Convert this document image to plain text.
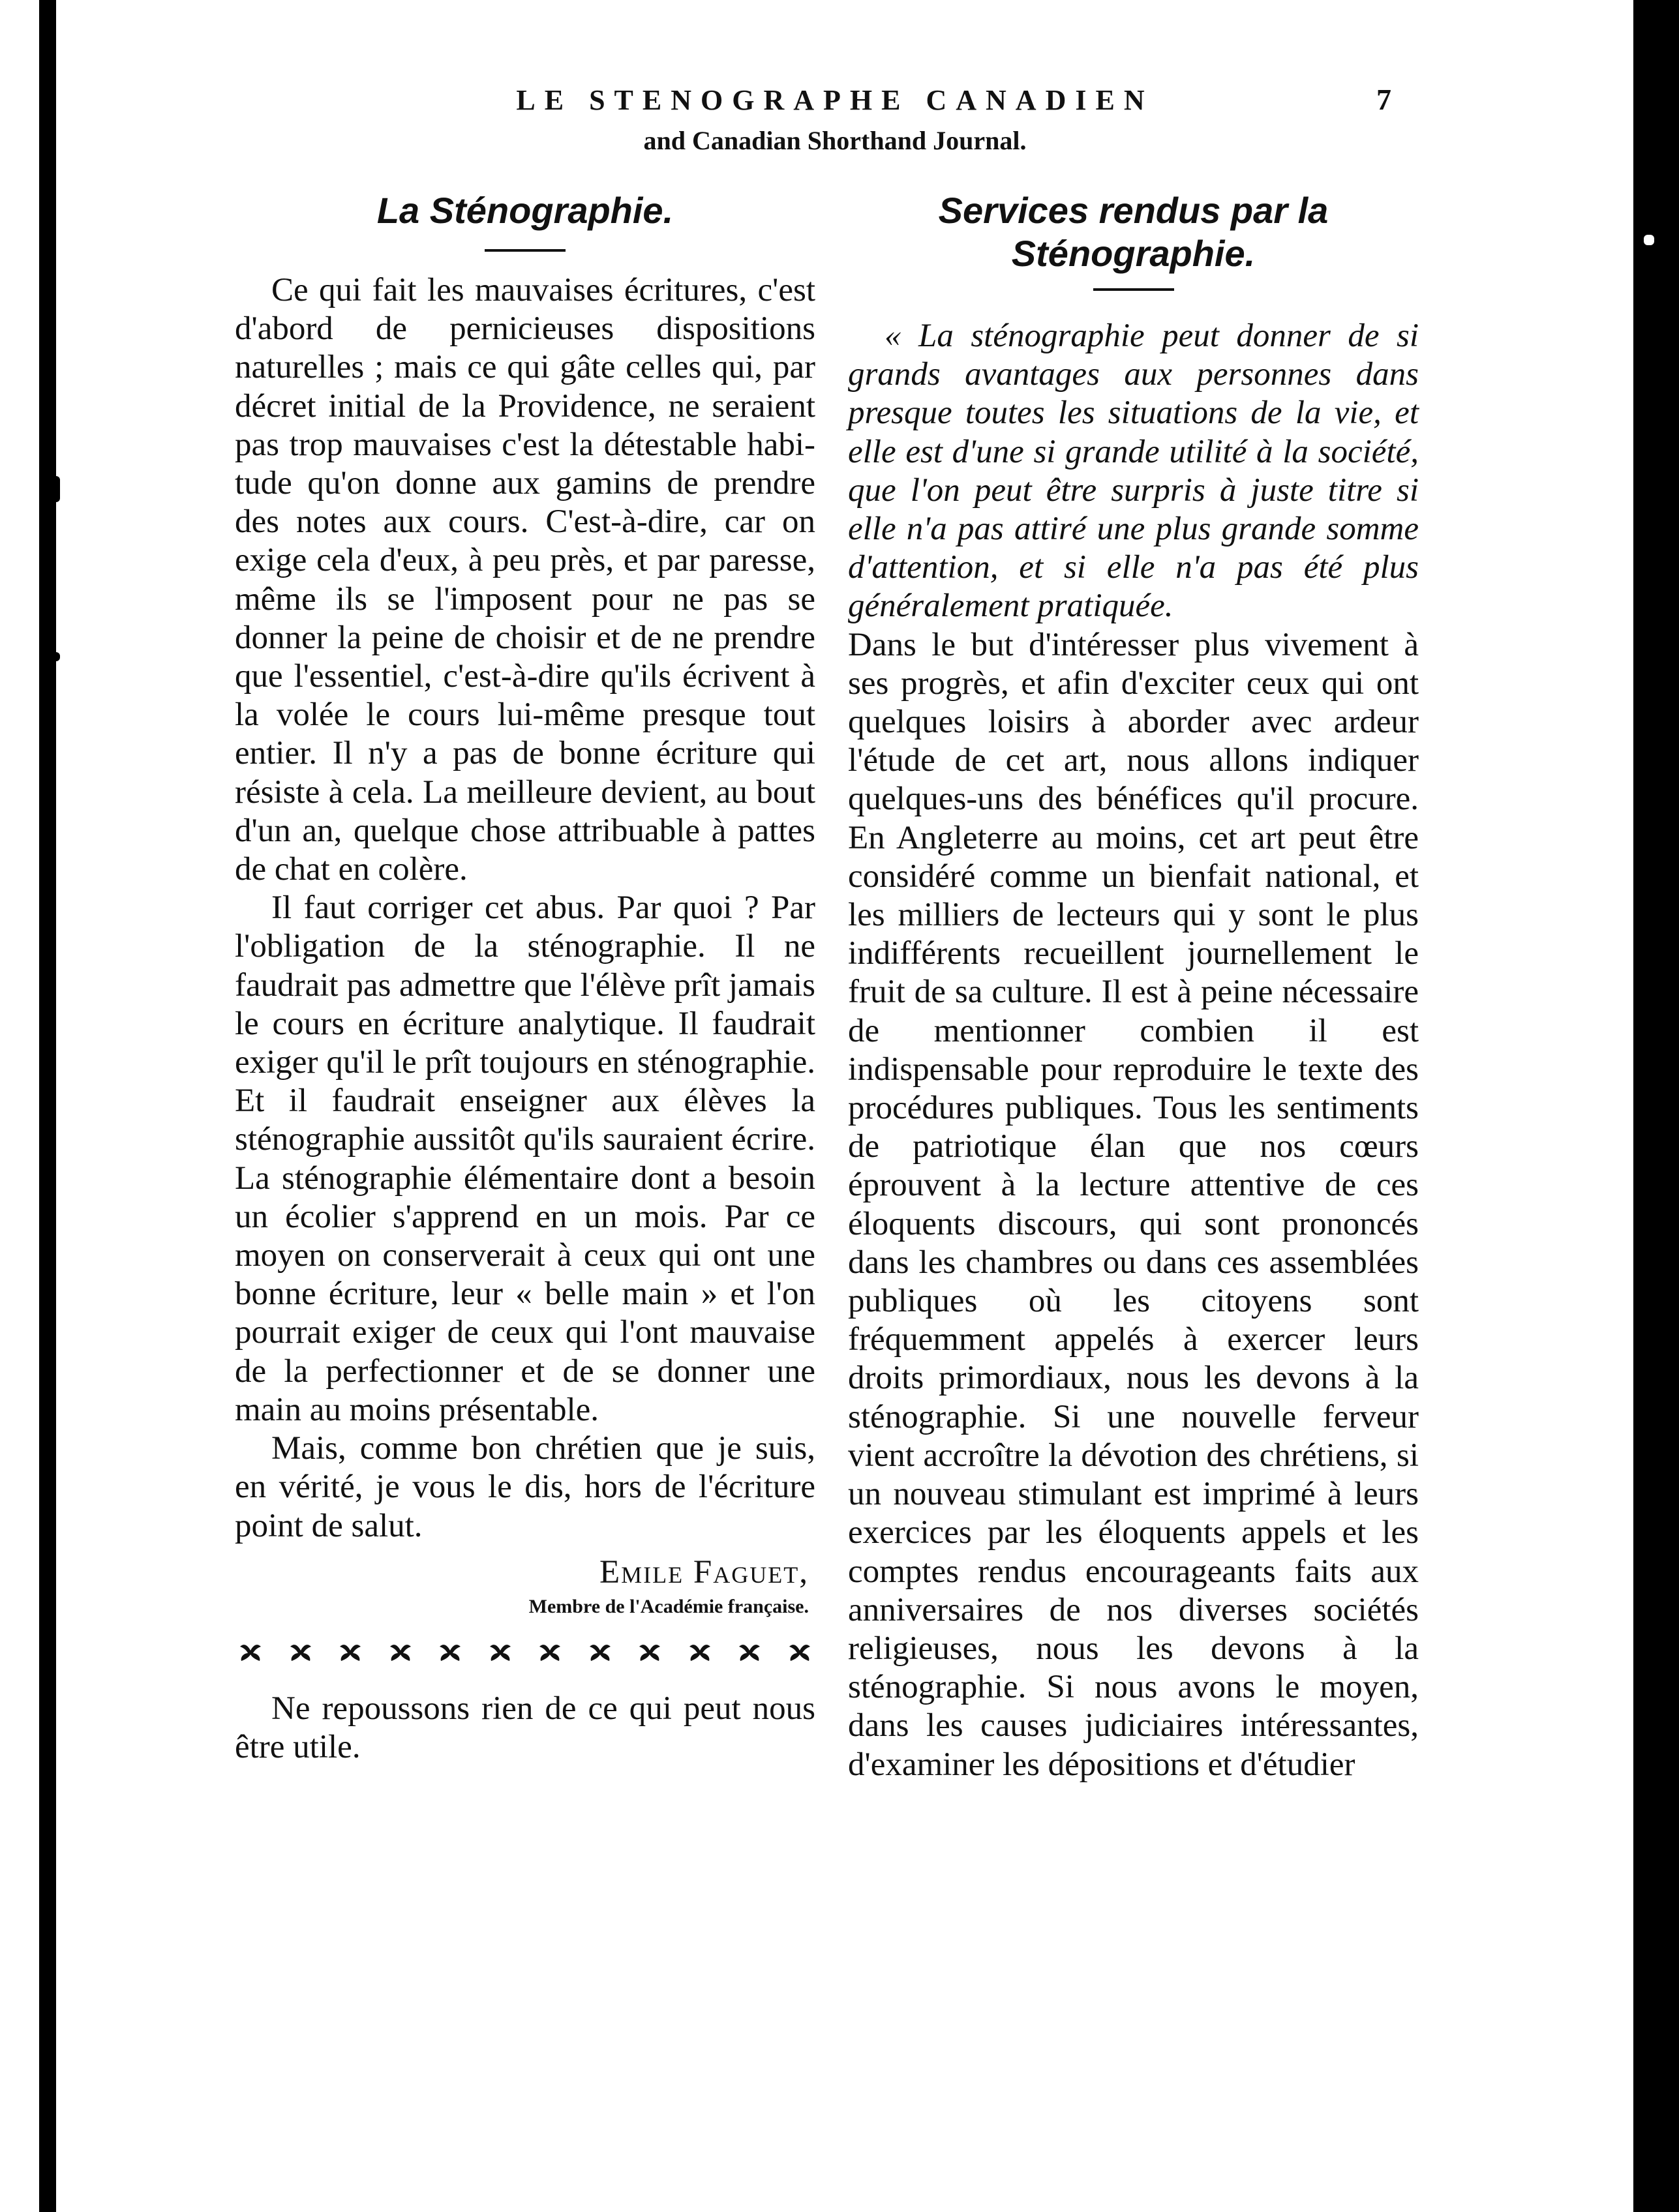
LE STENOGRAPHE CANADIEN
and Canadian Shorthand Journal.
7
La Sténographie.

Ce qui fait les mauvaises écritures, c'est d'abord de pernicieuses dispositions naturelles ; mais ce qui gâte celles qui, par décret initial de la Providence, ne seraient pas trop mauvaises c'est la détestable habitude qu'on donne aux gamins de prendre des notes aux cours. C'est-à-dire, car on exige cela d'eux, à peu près, et par paresse, même ils se l'imposent pour ne pas se donner la peine de choisir et de ne prendre que l'essentiel, c'est-à-dire qu'ils écrivent à la volée le cours lui-même presque tout entier. Il n'y a pas de bonne écriture qui résiste à cela. La meilleure devient, au bout d'un an, quelque chose attribuable à pattes de chat en colère.

Il faut corriger cet abus. Par quoi ? Par l'obligation de la sténographie. Il ne faudrait pas admettre que l'élève prît jamais le cours en écriture analytique. Il faudrait exiger qu'il le prît toujours en sténographie. Et il faudrait enseigner aux élèves la sténographie aussitôt qu'ils sauraient écrire. La sténographie élémentaire dont a besoin un écolier s'apprend en un mois. Par ce moyen on conserverait à ceux qui ont une bonne écriture, leur « belle main » et l'on pourrait exiger de ceux qui l'ont mauvaise de la perfectionner et de se donner une main au moins présentable.

Mais, comme bon chrétien que je suis, en vérité, je vous le dis, hors de l'écriture point de salut.

Emile Faguet,
Membre de l'Académie française.

Ne repoussons rien de ce qui peut nous être utile.

Services rendus par la Sténographie.

« La sténographie peut donner de si grands avantages aux personnes dans presque toutes les situations de la vie, et elle est d'une si grande utilité à la société, que l'on peut être surpris à juste titre si elle n'a pas attiré une plus grande somme d'attention, et si elle n'a pas été plus généralement pratiquée.

Dans le but d'intéresser plus vivement à ses progrès, et afin d'exciter ceux qui ont quelques loisirs à aborder avec ardeur l'étude de cet art, nous allons indiquer quelques-uns des bénéfices qu'il procure. En Angleterre au moins, cet art peut être considéré comme un bienfait national, et les milliers de lecteurs qui y sont le plus indifférents recueillent journellement le fruit de sa culture. Il est à peine nécessaire de mentionner combien il est indispensable pour reproduire le texte des procédures publiques. Tous les sentiments de patriotique élan que nos cœurs éprouvent à la lecture attentive de ces éloquents discours, qui sont prononcés dans les chambres ou dans ces assemblées publiques où les citoyens sont fréquemment appelés à exercer leurs droits primordiaux, nous les devons à la sténographie. Si une nouvelle ferveur vient accroître la dévotion des chrétiens, si un nouveau stimulant est imprimé à leurs exercices par les éloquents appels et les comptes rendus encourageants faits aux anniversaires de nos diverses sociétés religieuses, nous les devons à la sténographie. Si nous avons le moyen, dans les causes judiciaires intéressantes, d'examiner les dépositions et d'étudier
